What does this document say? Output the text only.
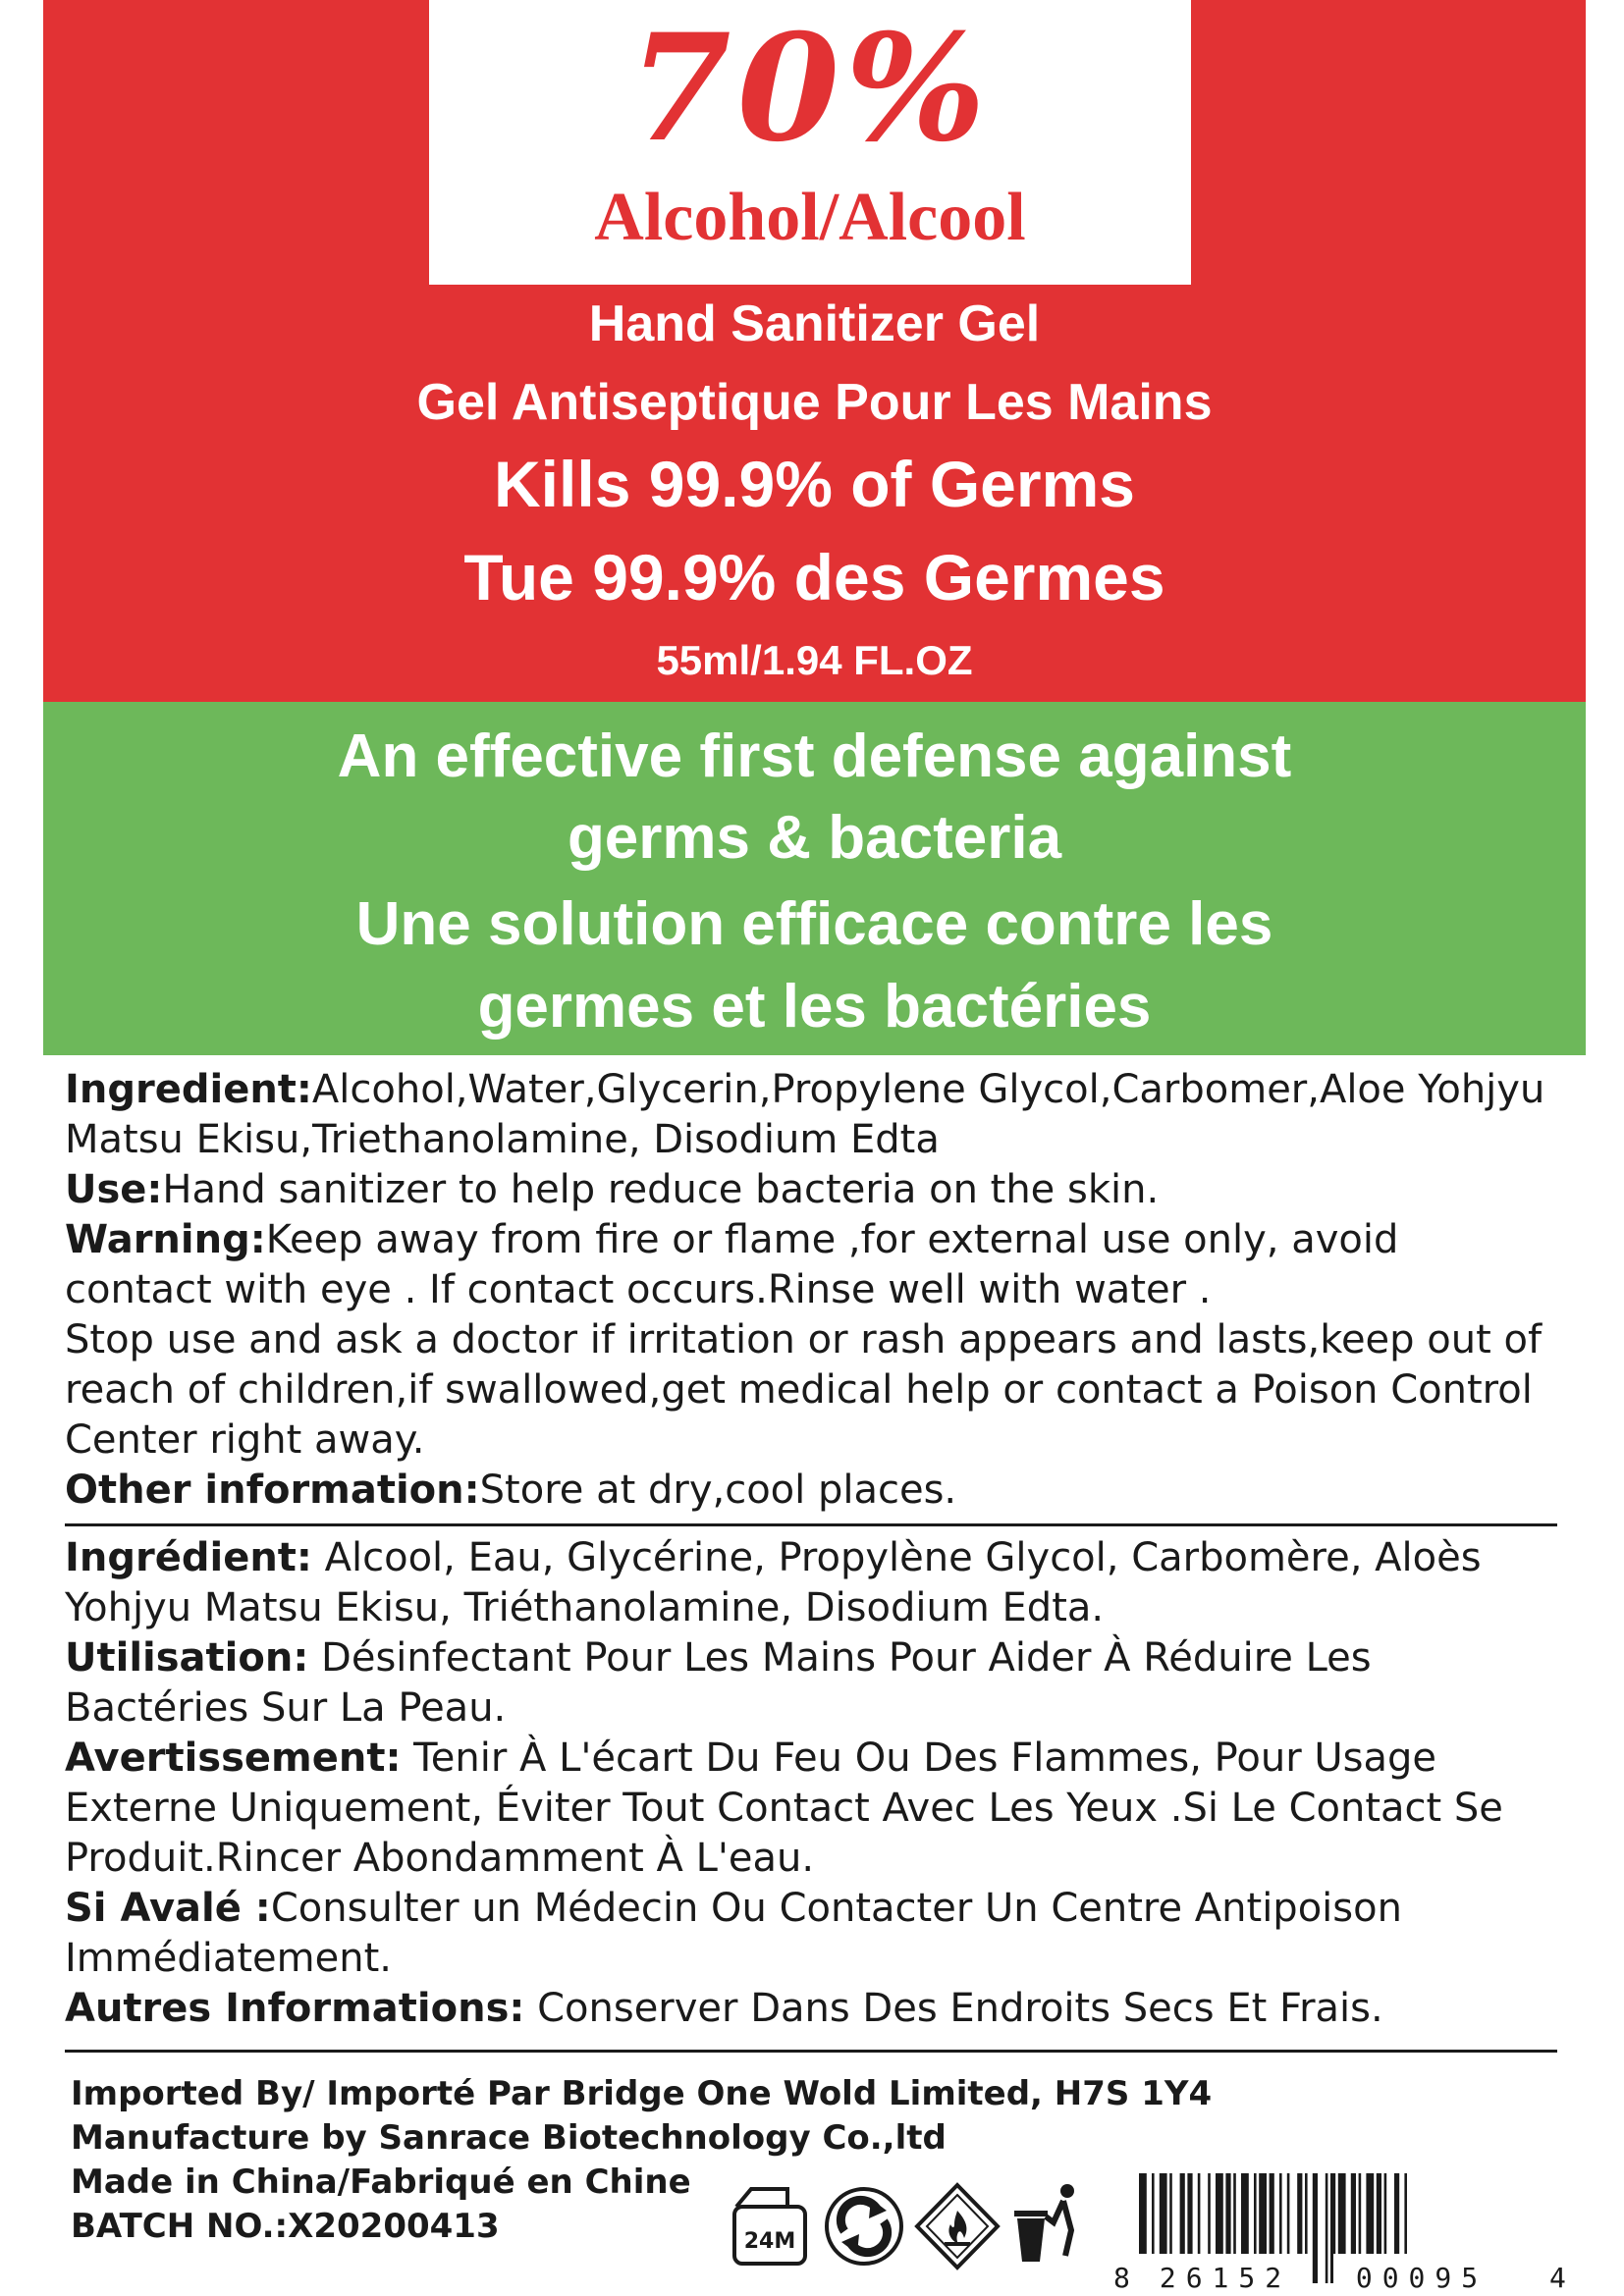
70%
Alcohol/Alcool
Hand Sanitizer Gel
Gel Antiseptique Pour Les Mains
Kills 99.9% of Germs
Tue 99.9% des Germes
55ml/1.94 FL.OZ
An effective first defense against
germs & bacteria
Une solution efficace contre les
germes et les bactéries

Ingredient:Alcohol,Water,Glycerin,Propylene Glycol,Carbomer,Aloe Yohjyu Matsu Ekisu,Triethanolamine, Disodium Edta

Use:Hand sanitizer to help reduce bacteria on the skin.

Warning:Keep away from fire or flame ,for external use only, avoid contact with eye . If contact occurs.Rinse well with water .

Stop use and ask a doctor if irritation or rash appears and lasts,keep out of reach of children,if swallowed,get medical help or contact a Poison Control Center right away.

Other information:Store at dry,cool places.

Ingrédient: Alcool, Eau, Glycérine, Propylène Glycol, Carbomère, Aloès Yohjyu Matsu Ekisu, Triéthanolamine, Disodium Edta.

Utilisation: Désinfectant Pour Les Mains Pour Aider À Réduire Les Bactéries Sur La Peau.

Avertissement: Tenir À L'écart Du Feu Ou Des Flammes, Pour Usage Externe Uniquement, Éviter Tout Contact Avec Les Yeux .Si Le Contact Se Produit.Rincer Abondamment À L'eau.

Si Avalé :Consulter un Médecin Ou Contacter Un Centre Antipoison Immédiatement.

Autres Informations: Conserver Dans Des Endroits Secs Et Frais.

Imported By/ Importé Par Bridge One Wold Limited, H7S 1Y4

Manufacture by Sanrace Biotechnology Co.,ltd

Made in China/Fabriqué en Chine

BATCH NO.:X20200413	24M
8 26152 00095 4
